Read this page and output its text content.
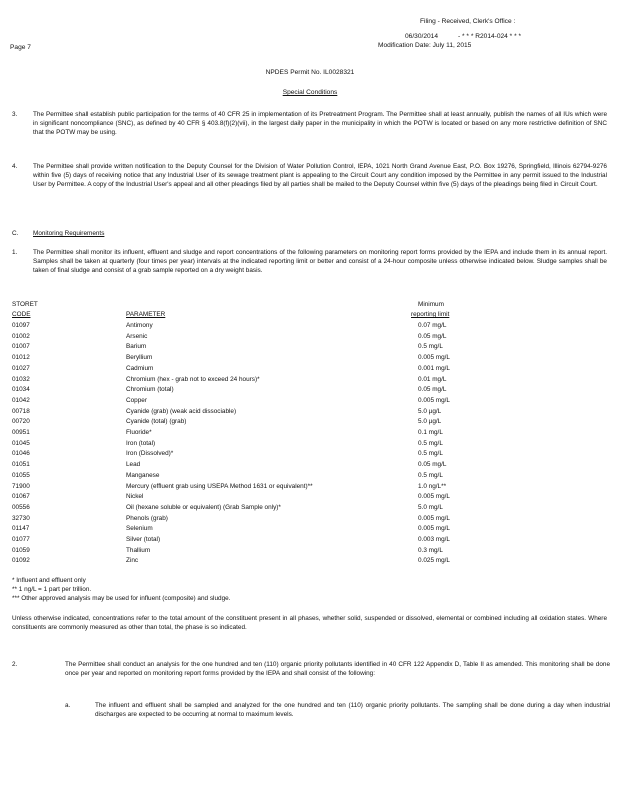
Filing - Received, Clerk's Office :
06/30/2014	- * * * R2014-024 * * *
Page 7	Modification Date: July 11, 2015
NPDES Permit No. IL0028321
Special Conditions
3. The Permittee shall establish public participation for the terms of 40 CFR 25 in implementation of its Pretreatment Program. The Permittee shall at least annually, publish the names of all IUs which were in significant noncompliance (SNC), as defined by 40 CFR § 403.8(f)(2)(vii), in the largest daily paper in the municipality in which the POTW is located or based on any more restrictive definition of SNC that the POTW may be using.
4. The Permittee shall provide written notification to the Deputy Counsel for the Division of Water Pollution Control, IEPA, 1021 North Grand Avenue East, P.O. Box 19276, Springfield, Illinois 62794-9276 within five (5) days of receiving notice that any Industrial User of its sewage treatment plant is appealing to the Circuit Court any condition imposed by the Permittee in any permit issued to the Industrial User by Permittee. A copy of the Industrial User's appeal and all other pleadings filed by all parties shall be mailed to the Deputy Counsel within five (5) days of the pleadings being filed in Circuit Court.
C. Monitoring Requirements
1. The Permittee shall monitor its influent, effluent and sludge and report concentrations of the following parameters on monitoring report forms provided by the IEPA and include them in its annual report. Samples shall be taken at quarterly (four times per year) intervals at the indicated reporting limit or better and consist of a 24-hour composite unless otherwise indicated below. Sludge samples shall be taken of final sludge and consist of a grab sample reported on a dry weight basis.
Minimum
STORET
CODE	PARAMETER	reporting limit
01097	Antimony	0.07 mg/L
01002	Arsenic	0.05 mg/L
01007	Barium	0.5 mg/L
01012	Beryllium	0.005 mg/L
01027	Cadmium	0.001 mg/L
01032	Chromium (hex - grab not to exceed 24 hours)*	0.01 mg/L
01034	Chromium (total)	0.05 mg/L
01042	Copper	0.005 mg/L
00718	Cyanide (grab) (weak acid dissociable)	5.0 µg/L
00720	Cyanide (total) (grab)	5.0 µg/L
00951	Fluoride*	0.1 mg/L
01045	Iron (total)	0.5 mg/L
01046	Iron (Dissolved)*	0.5 mg/L
01051	Lead	0.05 mg/L
01055	Manganese	0.5 mg/L
71900	Mercury (effluent grab using USEPA Method 1631 or equivalent)**	1.0 ng/L**
01067	Nickel	0.005 mg/L
00556	Oil (hexane soluble or equivalent) (Grab Sample only)*	5.0 mg/L
32730	Phenols (grab)	0.005 mg/L
01147	Selenium	0.005 mg/L
01077	Silver (total)	0.003 mg/L
01059	Thallium	0.3 mg/L
01092	Zinc	0.025 mg/L
* Influent and effluent only
** 1 ng/L = 1 part per trillion.
*** Other approved analysis may be used for influent (composite) and sludge.
Unless otherwise indicated, concentrations refer to the total amount of the constituent present in all phases, whether solid, suspended or dissolved, elemental or combined including all oxidation states. Where constituents are commonly measured as other than total, the phase is so indicated.
2.	The Permittee shall conduct an analysis for the one hundred and ten (110) organic priority pollutants identified in 40 CFR 122 Appendix D, Table II as amended. This monitoring shall be done once per year and reported on monitoring report forms provided by the IEPA and shall consist of the following:
a.	The influent and effluent shall be sampled and analyzed for the one hundred and ten (110) organic priority pollutants. The sampling shall be done during a day when industrial discharges are expected to be occurring at normal to maximum levels.
